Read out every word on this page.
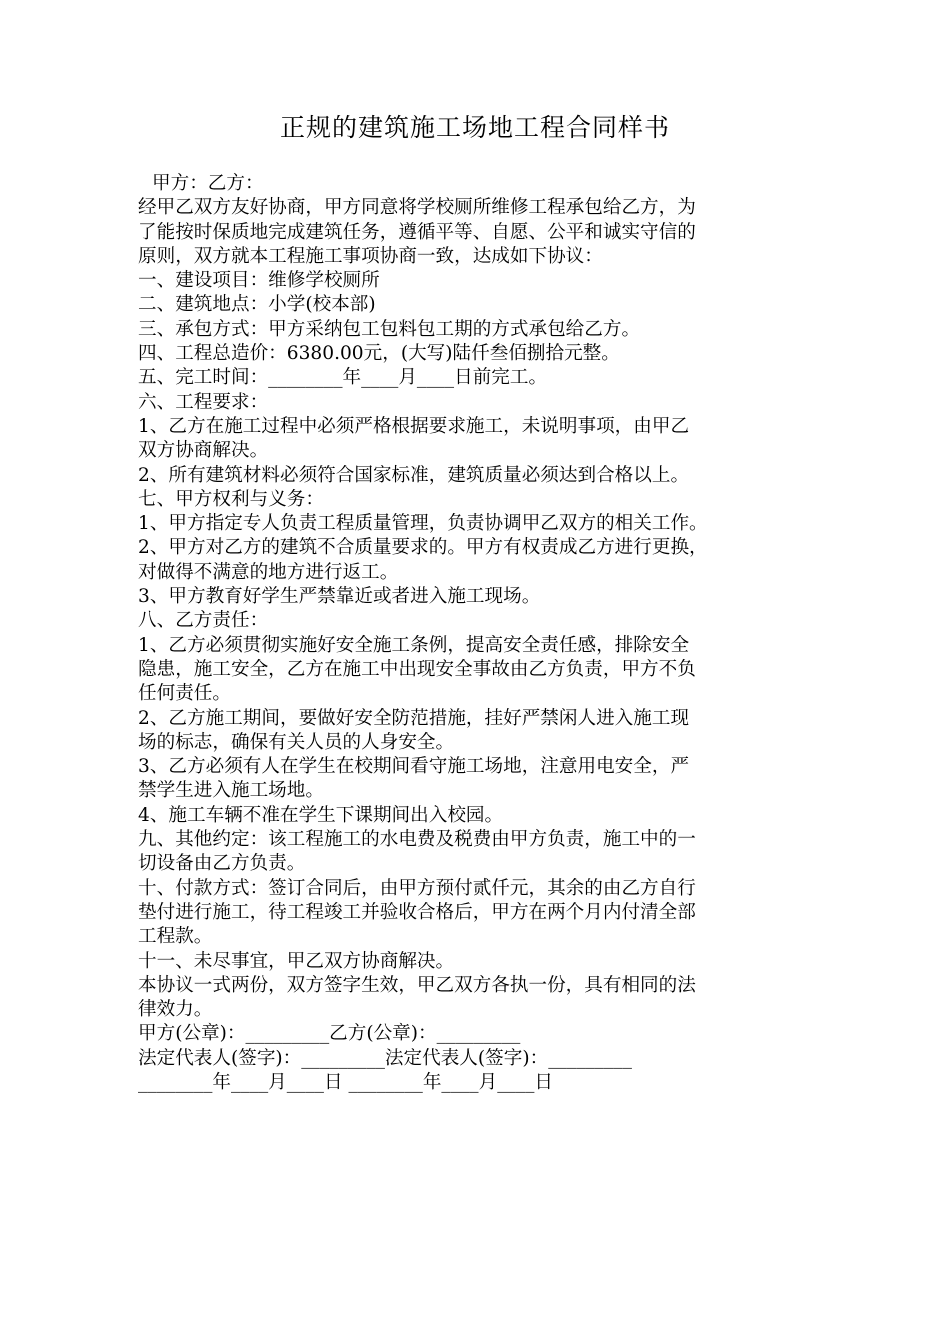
正规的建筑施工场地工程合同样书
甲方：乙方：
经甲乙双方友好协商，甲方同意将学校厕所维修工程承包给乙方，为
了能按时保质地完成建筑任务，遵循平等、自愿、公平和诚实守信的
原则，双方就本工程施工事项协商一致，达成如下协议：
一、建设项目：维修学校厕所
二、建筑地点：小学(校本部)
三、承包方式：甲方采纳包工包料包工期的方式承包给乙方。
四、工程总造价：6380.00元，(大写)陆仟叁佰捌拾元整。
五、完工时间：________年____月____日前完工。
六、工程要求：
1、乙方在施工过程中必须严格根据要求施工，未说明事项，由甲乙
双方协商解决。
2、所有建筑材料必须符合国家标准，建筑质量必须达到合格以上。
七、甲方权利与义务：
1、甲方指定专人负责工程质量管理，负责协调甲乙双方的相关工作。
2、甲方对乙方的建筑不合质量要求的。甲方有权责成乙方进行更换，
对做得不满意的地方进行返工。
3、甲方教育好学生严禁靠近或者进入施工现场。
八、乙方责任：
1、乙方必须贯彻实施好安全施工条例，提高安全责任感，排除安全
隐患，施工安全，乙方在施工中出现安全事故由乙方负责，甲方不负
任何责任。
2、乙方施工期间，要做好安全防范措施，挂好严禁闲人进入施工现
场的标志，确保有关人员的人身安全。
3、乙方必须有人在学生在校期间看守施工场地，注意用电安全，严
禁学生进入施工场地。
4、施工车辆不准在学生下课期间出入校园。
九、其他约定：该工程施工的水电费及税费由甲方负责，施工中的一
切设备由乙方负责。
十、付款方式：签订合同后，由甲方预付贰仟元，其余的由乙方自行
垫付进行施工，待工程竣工并验收合格后，甲方在两个月内付清全部
工程款。
十一、未尽事宜，甲乙双方协商解决。
本协议一式两份，双方签字生效，甲乙双方各执一份，具有相同的法
律效力。
甲方(公章)：_________乙方(公章)：_________
法定代表人(签字)：_________法定代表人(签字)：_________
________年____月____日 ________年____月____日
